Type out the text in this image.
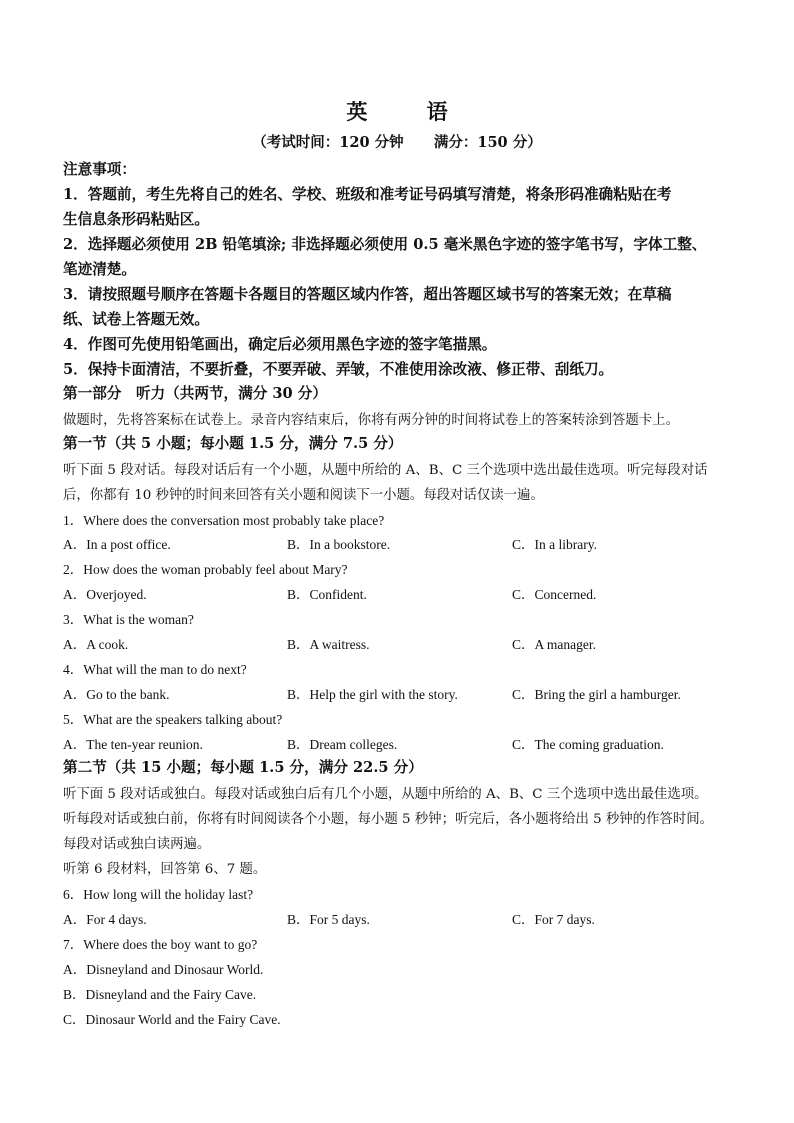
英 语
（考试时间：120 分钟      满分：150 分）
注意事项：
1．答题前，考生先将自己的姓名、学校、班级和准考证号码填写清楚，将条形码准确粘贴在考
生信息条形码粘贴区。
2．选择题必须使用 2B 铅笔填涂; 非选择题必须使用 0.5 毫米黑色字迹的签字笔书写，字体工整、
笔迹清楚。
3．请按照题号顺序在答题卡各题目的答题区域内作答，超出答题区域书写的答案无效；在草稿
纸、试卷上答题无效。
4．作图可先使用铅笔画出，确定后必须用黑色字迹的签字笔描黑。
5．保持卡面清洁，不要折叠，不要弄破、弄皱，不准使用涂改液、修正带、刮纸刀。
第一部分　听力（共两节，满分 30 分）
做题时，先将答案标在试卷上。录音内容结束后，你将有两分钟的时间将试卷上的答案转涂到答题卡上。
第一节（共 5 小题；每小题 1.5 分，满分 7.5 分）
听下面 5 段对话。每段对话后有一个小题，从题中所给的 A、B、C 三个选项中选出最佳选项。听完每段对话
后，你都有 10 秒钟的时间来回答有关小题和阅读下一小题。每段对话仅读一遍。
1．Where does the conversation most probably take place?
A．In a post office.	B．In a bookstore.	C．In a library.
2．How does the woman probably feel about Mary?
A．Overjoyed.	B．Confident.	C．Concerned.
3．What is the woman?
A．A cook.	B．A waitress.	C．A manager.
4．What will the man to do next?
A．Go to the bank.	B．Help the girl with the story.	C．Bring the girl a hamburger.
5．What are the speakers talking about?
A．The ten-year reunion.	B．Dream colleges.	C．The coming graduation.
第二节（共 15 小题；每小题 1.5 分，满分 22.5 分）
听下面 5 段对话或独白。每段对话或独白后有几个小题，从题中所给的 A、B、C 三个选项中选出最佳选项。
听每段对话或独白前，你将有时间阅读各个小题，每小题 5 秒钟；听完后，各小题将给出 5 秒钟的作答时间。
每段对话或独白读两遍。
听第 6 段材料，回答第 6、7 题。
6．How long will the holiday last?
A．For 4 days.	B．For 5 days.	C．For 7 days.
7．Where does the boy want to go?
A．Disneyland and Dinosaur World.
B．Disneyland and the Fairy Cave.
C．Dinosaur World and the Fairy Cave.
